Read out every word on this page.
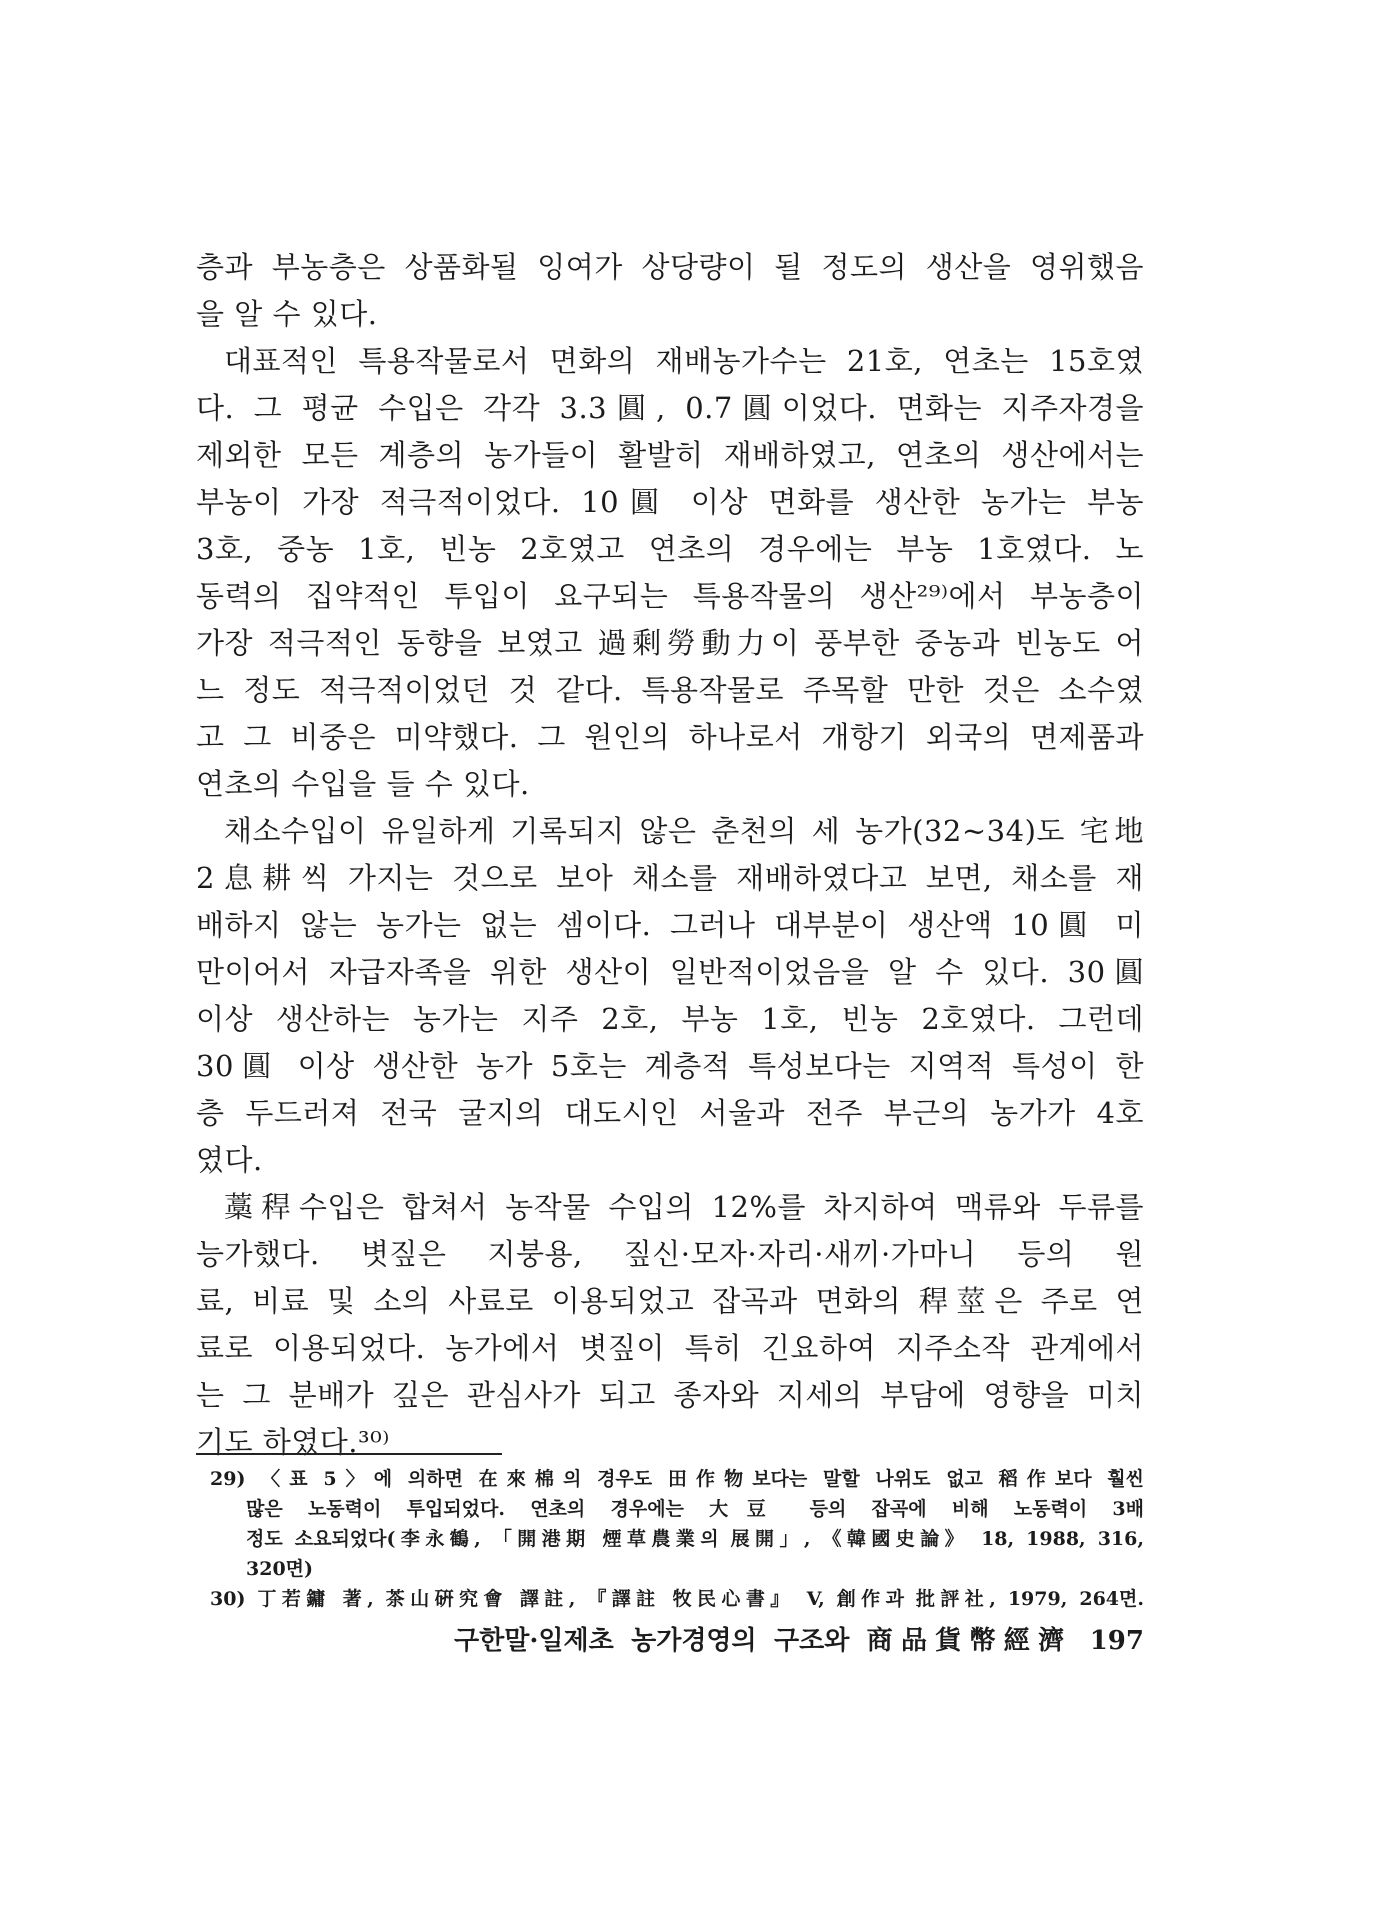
층과 부농층은 상품화될 잉여가 상당량이 될 정도의 생산을 영위했음
을 알 수 있다.
대표적인 특용작물로서 면화의 재배농가수는 21호, 연초는 15호였
다. 그 평균 수입은 각각 3.3圓, 0.7圓이었다. 면화는 지주자경을
제외한 모든 계층의 농가들이 활발히 재배하였고, 연초의 생산에서는
부농이 가장 적극적이었다. 10圓 이상 면화를 생산한 농가는 부농
3호, 중농 1호, 빈농 2호였고 연초의 경우에는 부농 1호였다. 노
동력의 집약적인 투입이 요구되는 특용작물의 생산²⁹⁾에서 부농층이
가장 적극적인 동향을 보였고 過剩勞動力이 풍부한 중농과 빈농도 어
느 정도 적극적이었던 것 같다. 특용작물로 주목할 만한 것은 소수였
고 그 비중은 미약했다. 그 원인의 하나로서 개항기 외국의 면제품과
연초의 수입을 들 수 있다.
채소수입이 유일하게 기록되지 않은 춘천의 세 농가(32~34)도 宅地
2息耕씩 가지는 것으로 보아 채소를 재배하였다고 보면, 채소를 재
배하지 않는 농가는 없는 셈이다. 그러나 대부분이 생산액 10圓 미
만이어서 자급자족을 위한 생산이 일반적이었음을 알 수 있다. 30圓
이상 생산하는 농가는 지주 2호, 부농 1호, 빈농 2호였다. 그런데
30圓 이상 생산한 농가 5호는 계층적 특성보다는 지역적 특성이 한
층 두드러져 전국 굴지의 대도시인 서울과 전주 부근의 농가가 4호
였다.
藁稈수입은 합쳐서 농작물 수입의 12%를 차지하여 맥류와 두류를
능가했다. 볏짚은 지붕용, 짚신·모자·자리·새끼·가마니 등의 원
료, 비료 및 소의 사료로 이용되었고 잡곡과 면화의 稈莖은 주로 연
료로 이용되었다. 농가에서 볏짚이 특히 긴요하여 지주소작 관계에서
는 그 분배가 깊은 관심사가 되고 종자와 지세의 부담에 영향을 미치
기도 하였다.³⁰⁾
29) 〈표 5〉에 의하면 在來棉의 경우도 田作物보다는 말할 나위도 없고 稻作보다 훨씬
많은 노동력이 투입되었다. 연초의 경우에는 大豆 등의 잡곡에 비해 노동력이 3배
정도 소요되었다(李永鶴, 「開港期 煙草農業의 展開」, 《韓國史論》 18, 1988, 316,
320면)
30) 丁若鏞 著, 茶山硏究會 譯註, 『譯註 牧民心書』 V, 創作과 批評社, 1979, 264면.
구한말·일제초 농가경영의 구조와 商品貨幣經濟 197
